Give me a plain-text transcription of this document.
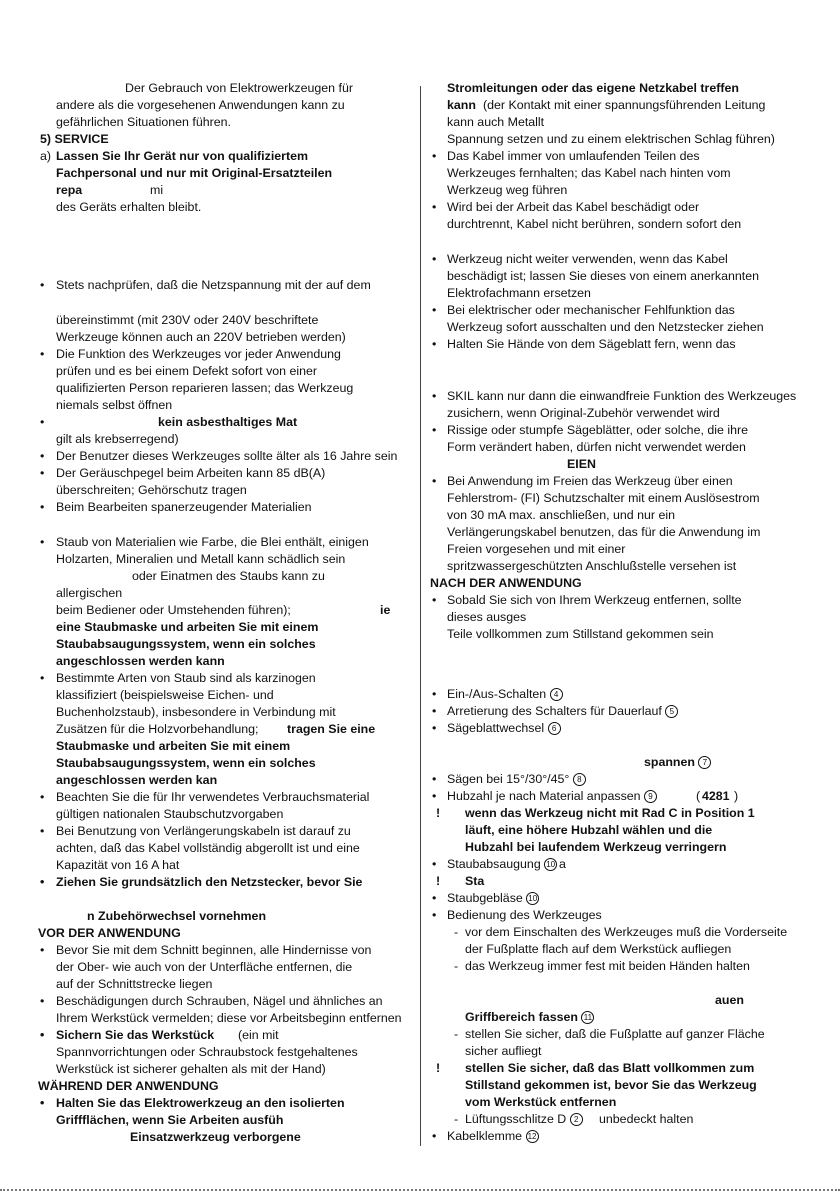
Der Gebrauch von Elektrowerkzeugen für
andere als die vorgesehenen Anwendungen kann zu
gefährlichen Situationen führen.
5) SERVICE
a) Lassen Sie Ihr Gerät nur von qualifiziertem
Fachpersonal und nur mit Original-Ersatzteilen
repa	mi
des Geräts erhalten bleibt.
• Stets nachprüfen, daß die Netzspannung mit der auf dem
übereinstimmt (mit 230V oder 240V beschriftete
Werkzeuge können auch an 220V betrieben werden)
• Die Funktion des Werkzeuges vor jeder Anwendung
prüfen und es bei einem Defekt sofort von einer
qualifizierten Person reparieren lassen; das Werkzeug
niemals selbst öffnen
•	kein asbesthaltiges Mat
gilt als krebserregend)
• Der Benutzer dieses Werkzeuges sollte älter als 16 Jahre sein
• Der Geräuschpegel beim Arbeiten kann 85 dB(A)
überschreiten; Gehörschutz tragen
• Beim Bearbeiten spanerzeugender Materialien
• Staub von Materialien wie Farbe, die Blei enthält, einigen
Holzarten, Mineralien und Metall kann schädlich sein
oder Einatmen des Staubs kann zu
allergischen
beim Bediener oder Umstehenden führen);	ie
eine Staubmaske und arbeiten Sie mit einem
Staubabsaugungssystem, wenn ein solches
angeschlossen werden kann
• Bestimmte Arten von Staub sind als karzinogen
klassifiziert (beispielsweise Eichen- und
Buchenholzstaub), insbesondere in Verbindung mit
Zusätzen für die Holzvorbehandlung; tragen Sie eine
Staubmaske und arbeiten Sie mit einem
Staubabsaugungssystem, wenn ein solches
angeschlossen werden kan
• Beachten Sie die für Ihr verwendetes Verbrauchsmaterial
gültigen nationalen Staubschutzvorgaben
• Bei Benutzung von Verlängerungskabeln ist darauf zu
achten, daß das Kabel vollständig abgerollt ist und eine
Kapazität von 16 A hat
• Ziehen Sie grundsätzlich den Netzstecker, bevor Sie
n Zubehörwechsel vornehmen
VOR DER ANWENDUNG
• Bevor Sie mit dem Schnitt beginnen, alle Hindernisse von
der Ober- wie auch von der Unterfläche entfernen, die
auf der Schnittstrecke liegen
• Beschädigungen durch Schrauben, Nägel und ähnliches an
Ihrem Werkstück vermelden; diese vor Arbeitsbeginn entfernen
• Sichern Sie das Werkstück (ein mit
Spannvorrichtungen oder Schraubstock festgehaltenes
Werkstück ist sicherer gehalten als mit der Hand)
WÄHREND DER ANWENDUNG
• Halten Sie das Elektrowerkzeug an den isolierten
Griffflächen, wenn Sie Arbeiten ausfüh
Einsatzwerkzeug verborgene
Stromleitungen oder das eigene Netzkabel treffen
kann (der Kontakt mit einer spannungsführenden Leitung
kann auch Metallt
Spannung setzen und zu einem elektrischen Schlag führen)
• Das Kabel immer von umlaufenden Teilen des
Werkzeuges fernhalten; das Kabel nach hinten vom
Werkzeug weg führen
• Wird bei der Arbeit das Kabel beschädigt oder
durchtrennt, Kabel nicht berühren, sondern sofort den
• Werkzeug nicht weiter verwenden, wenn das Kabel
beschädigt ist; lassen Sie dieses von einem anerkannten
Elektrofachmann ersetzen
• Bei elektrischer oder mechanischer Fehlfunktion das
Werkzeug sofort ausschalten und den Netzstecker ziehen
• Halten Sie Hände von dem Sägeblatt fern, wenn das
• SKIL kann nur dann die einwandfreie Funktion des Werkzeuges
zusichern, wenn Original-Zubehör verwendet wird
• Rissige oder stumpfe Sägeblätter, oder solche, die ihre
Form verändert haben, dürfen nicht verwendet werden
EIEN
• Bei Anwendung im Freien das Werkzeug über einen
Fehlerstrom- (FI) Schutzschalter mit einem Auslösestrom
von 30 mA max. anschließen, und nur ein
Verlängerungskabel benutzen, das für die Anwendung im
Freien vorgesehen und mit einer
spritzwassergeschützten Anschlußstelle versehen ist
NACH DER ANWENDUNG
• Sobald Sie sich von Ihrem Werkzeug entfernen, sollte
dieses ausges
Teile vollkommen zum Stillstand gekommen sein
• Ein-/Aus-Schalten 4
• Arretierung des Schalters für Dauerlauf 5
• Sägeblattwechsel 6
spannen 7
• Sägen bei 15°/30°/45° 8
• Hubzahl je nach Material anpassen 9	( 4281 )
! wenn das Werkzeug nicht mit Rad C in Position 1
läuft, eine höhere Hubzahl wählen und die
Hubzahl bei laufendem Werkzeug verringern
• Staubabsaugung 10 a
! Sta
• Staubgebläse 10
• Bedienung des Werkzeuges
- vor dem Einschalten des Werkzeuges muß die Vorderseite
der Fußplatte flach auf dem Werkstück aufliegen
- das Werkzeug immer fest mit beiden Händen halten
auen
Griffbereich fassen 11
- stellen Sie sicher, daß die Fußplatte auf ganzer Fläche
sicher aufliegt
! stellen Sie sicher, daß das Blatt vollkommen zum
Stillstand gekommen ist, bevor Sie das Werkzeug
vom Werkstück entfernen
- Lüftungsschlitze D 2	unbedeckt halten
• Kabelklemme 12
